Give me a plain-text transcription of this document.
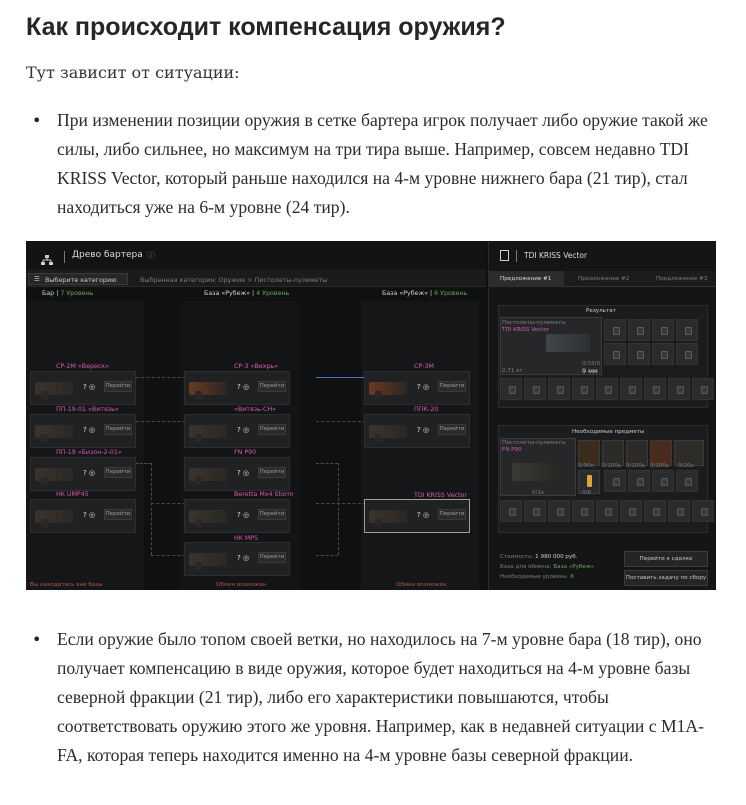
Как происходит компенсация оружия?

Тут зависит от ситуации:

• При изменении позиции оружия в сетке бартера игрок получает либо оружие такой же силы, либо сильнее, но максимум на три тира выше. Например, совсем недавно TDI KRISS Vector, который раньше находился на 4-м уровне нижнего бара (21 тир), стал находиться уже на 6-м уровне (24 тир).

Древо бартера ⓘ
☰ Выберите категорию	Выбранная категория: Оружие > Пистолеты-пулеметы
Бар | 7 Уровень	База «Рубеж» | 4 Уровень	База «Рубеж» | 6 Уровень
СР-2М «Вереск»
? ◎ Перейти
ПП-19-01 «Витязь»
? ◎ Перейти
ПП-19 «Бизон-2-01»
? ◎ Перейти
HK UMP45
? ◎ Перейти
СР-3 «Вихрь»
? ◎ Перейти
«Витязь-СН»
? ◎ Перейти
FN P90
? ◎ Перейти
Beretta Mx4 Storm
? ◎ Перейти
HK MP5
? ◎ Перейти
СР-3М
? ◎ Перейти
ППК-20
? ◎ Перейти
TDI KRISS Vector
? ◎ Перейти
Вы находитесь вне базы	Обмен возможен	Обмен возможен
TDI KRISS Vector
Предложение #1	Предложение #2	Предложение #3
Результат
Пистолеты-пулеметы
TDI KRISS Vector
2,71 кг
0/33/0
9 мм
Необходимые предметы
Пистолеты-пулеметы
FN P90
0/1к
0/90п 0/100ь 0/100ь 0/100ь 0/20ь
0/6
Стоимость: 1 980 000 руб.
База для обмена: База «Рубеж»
Необходимые уровень: 6
Перейти к сделке
Поставить задачу по сбору
• Если оружие было топом своей ветки, но находилось на 7-м уровне бара (18 тир), оно получает компенсацию в виде оружия, которое будет находиться на 4-м уровне базы северной фракции (21 тир), либо его характеристики повышаются, чтобы соответствовать оружию этого же уровня. Например, как в недавней ситуации с M1A-FA, которая теперь находится именно на 4-м уровне базы северной фракции.
